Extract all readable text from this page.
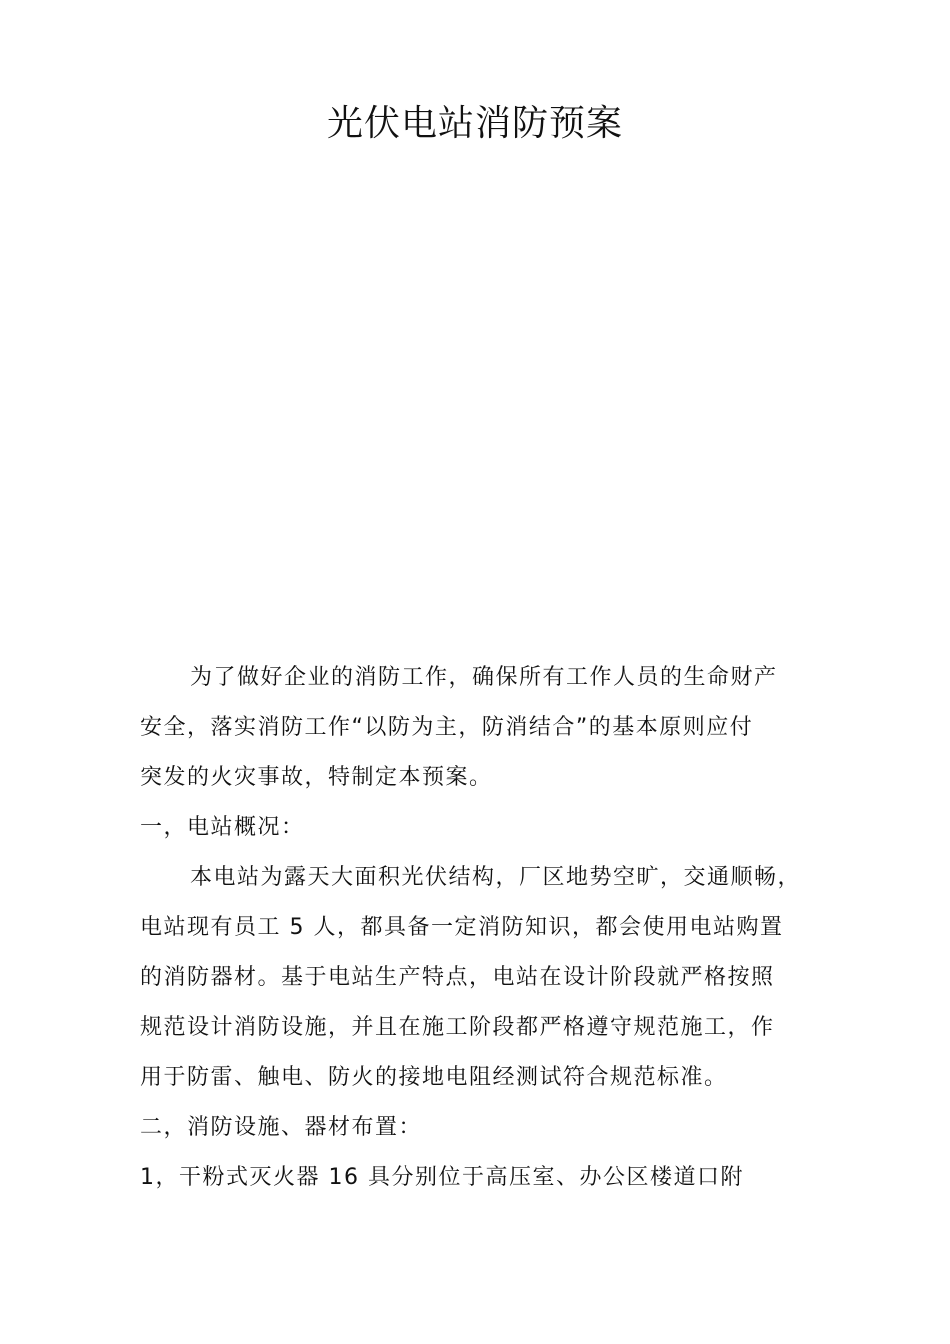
光伏电站消防预案

为了做好企业的消防工作，确保所有工作人员的生命财产

安全，落实消防工作“以防为主，防消结合”的基本原则应付

突发的火灾事故，特制定本预案。

一，电站概况：

本电站为露天大面积光伏结构，厂区地势空旷，交通顺畅，

电站现有员工 5 人，都具备一定消防知识，都会使用电站购置

的消防器材。基于电站生产特点，电站在设计阶段就严格按照

规范设计消防设施，并且在施工阶段都严格遵守规范施工，作

用于防雷、触电、防火的接地电阻经测试符合规范标准。

二，消防设施、器材布置：

1，干粉式灭火器 16 具分别位于高压室、办公区楼道口附
